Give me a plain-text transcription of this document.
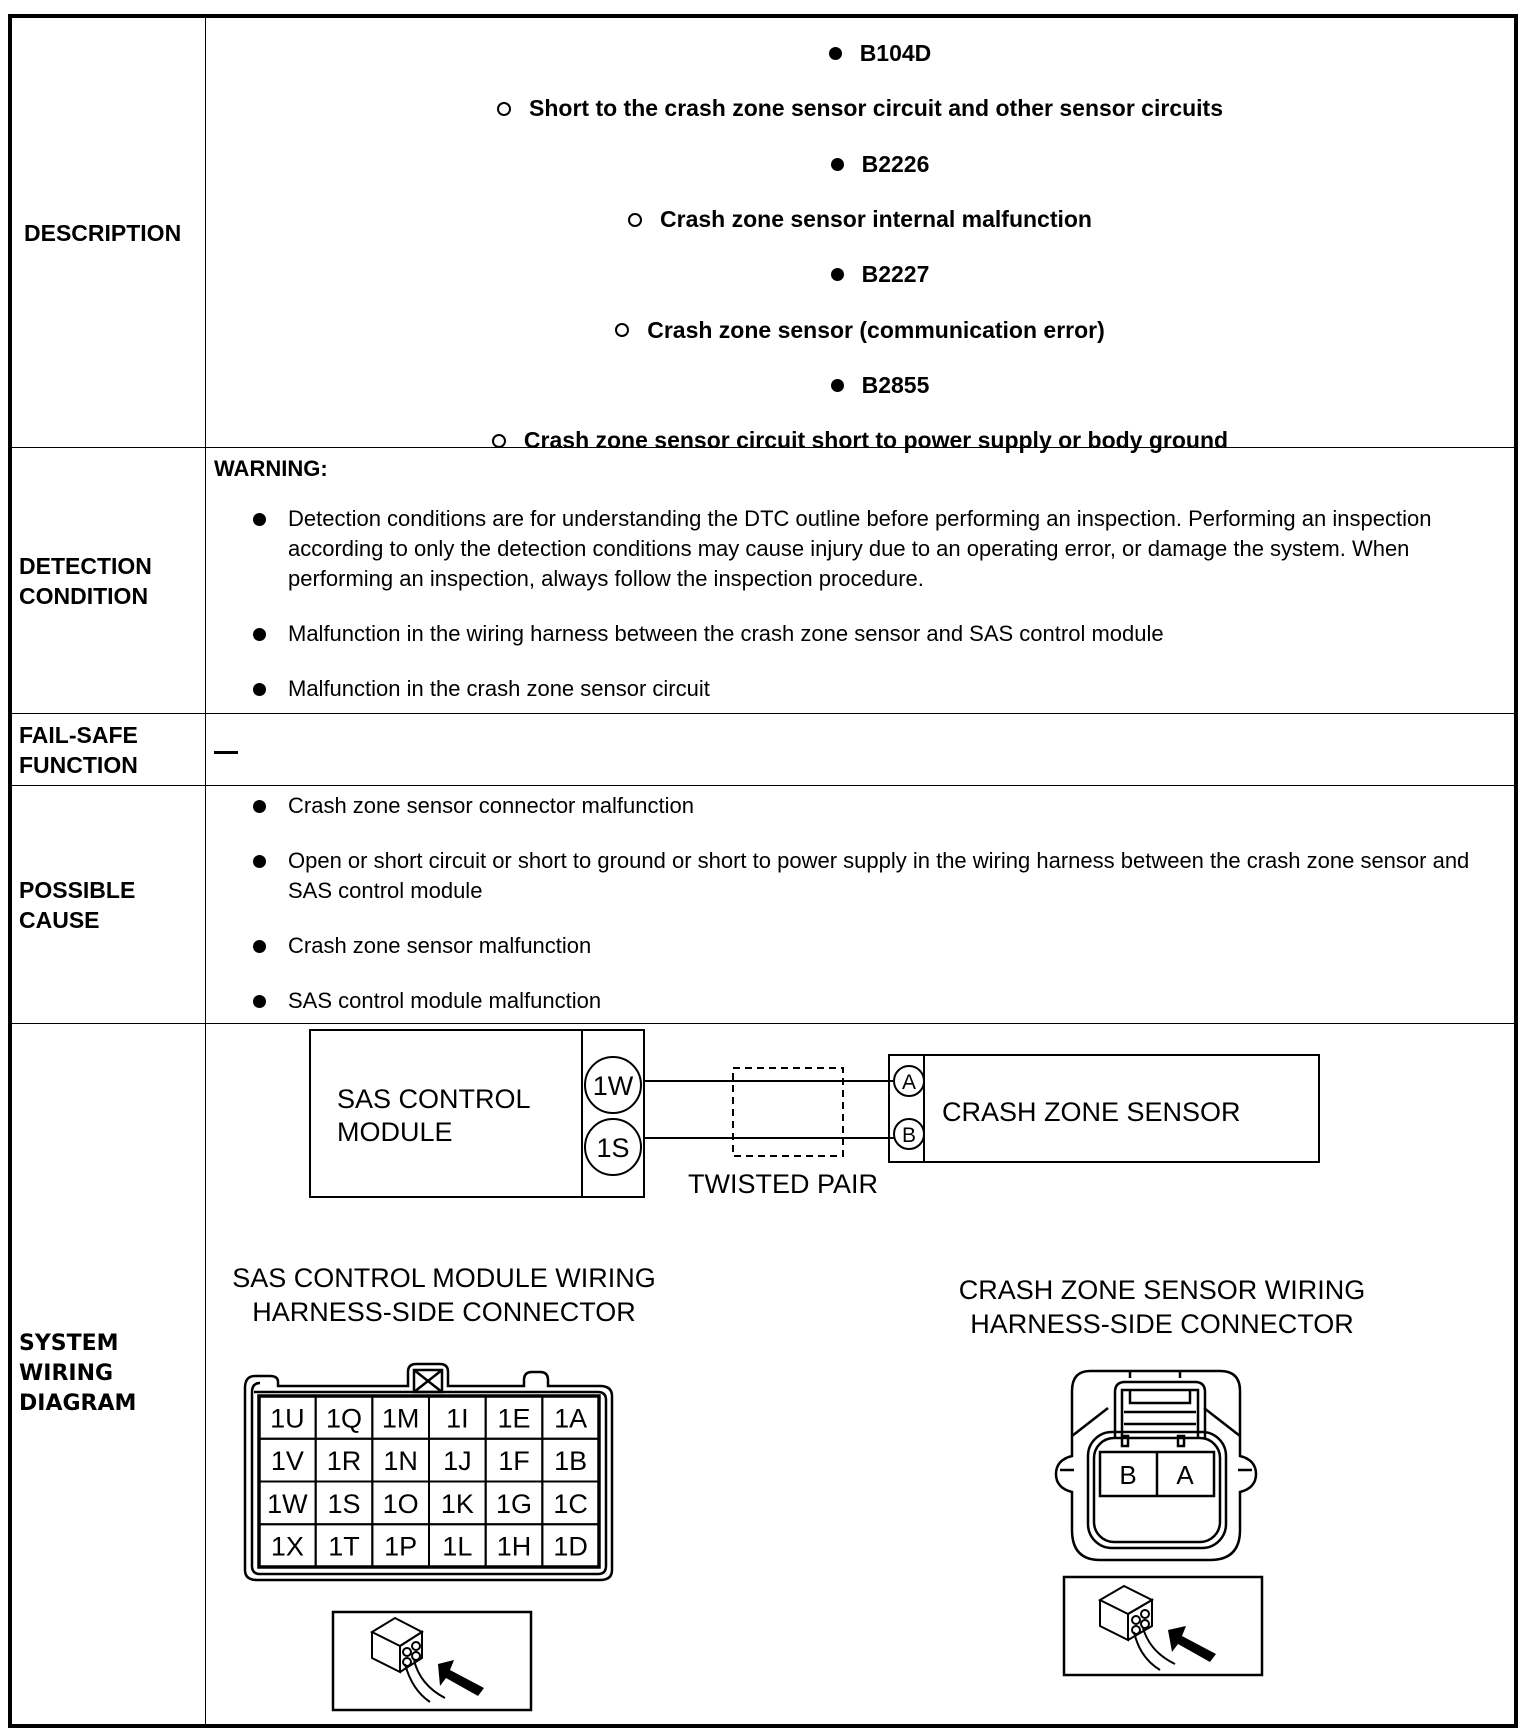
DESCRIPTION
B104D
Short to the crash zone sensor circuit and other sensor circuits
B2226
Crash zone sensor internal malfunction
B2227
Crash zone sensor (communication error)
B2855
Crash zone sensor circuit short to power supply or body ground
DETECTION
CONDITION
WARNING:
Detection conditions are for understanding the DTC outline before performing an inspection. Performing an inspection according to only the detection conditions may cause injury due to an operating error, or damage the system. When performing an inspection, always follow the inspection procedure.
Malfunction in the wiring harness between the crash zone sensor and SAS control module
Malfunction in the crash zone sensor circuit
FAIL-SAFE
FUNCTION
POSSIBLE
CAUSE
Crash zone sensor connector malfunction
Open or short circuit or short to ground or short to power supply in the wiring harness between the crash zone sensor and SAS control module
Crash zone sensor malfunction
SAS control module malfunction
SYSTEM
WIRING
DIAGRAM
SAS CONTROL
MODULE
1W
1S
A
B
CRASH ZONE SENSOR
TWISTED PAIR
SAS CONTROL MODULE WIRING
HARNESS-SIDE CONNECTOR
CRASH ZONE SENSOR WIRING
HARNESS-SIDE CONNECTOR
1U 1Q 1M 1I 1E 1A
1V 1R 1N 1J 1F 1B
1W 1S 1O 1K 1G 1C
1X 1T 1P 1L 1H 1D
B A
